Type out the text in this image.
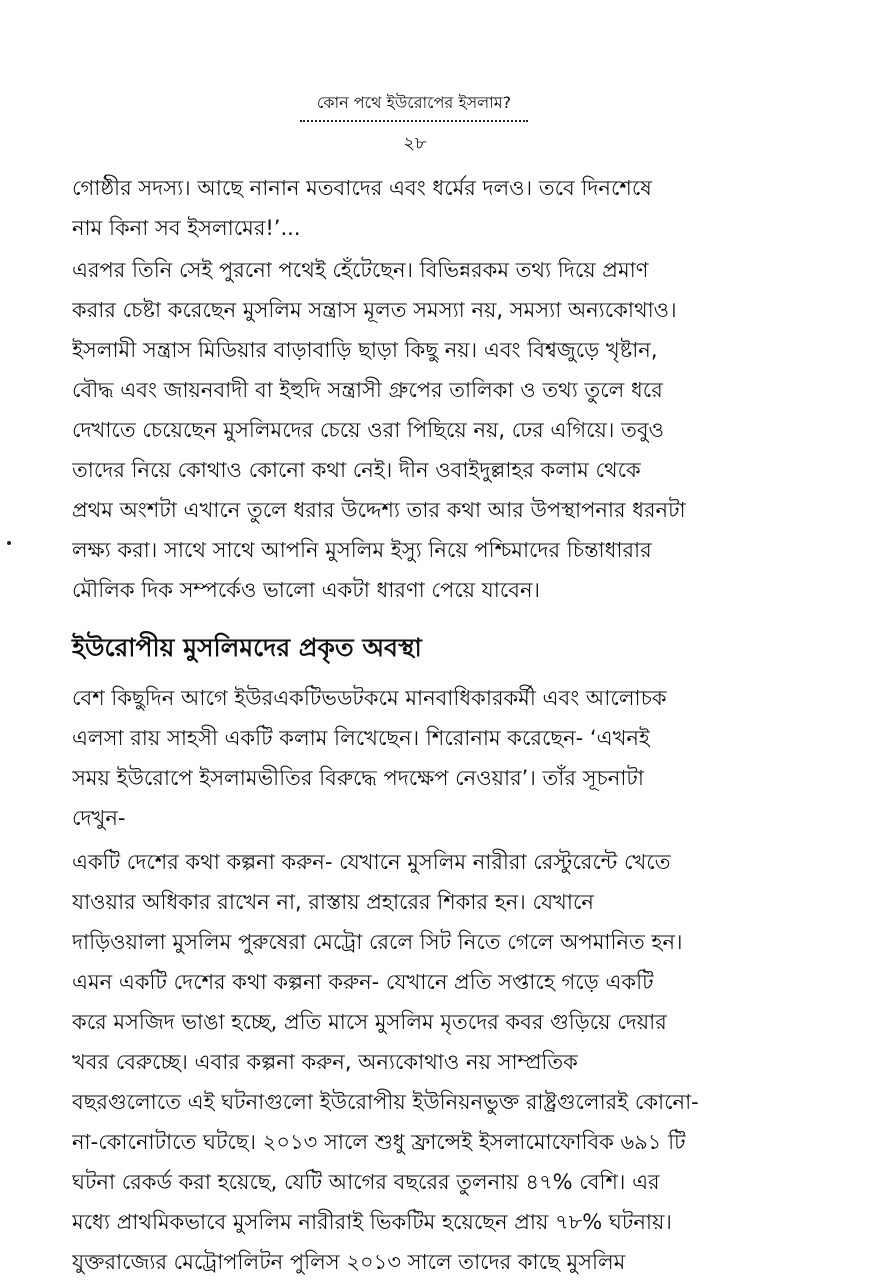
কোন পথে ইউরোপের ইসলাম?
২৮

গোষ্ঠীর সদস্য। আছে নানান মতবাদের এবং ধর্মের দলও। তবে দিনশেষে
নাম কিনা সব ইসলামের!’...

এরপর তিনি সেই পুরনো পথেই হেঁটেছেন। বিভিন্নরকম তথ্য দিয়ে প্রমাণ
করার চেষ্টা করেছেন মুসলিম সন্ত্রাস মূলত সমস্যা নয়, সমস্যা অন্যকোথাও।
ইসলামী সন্ত্রাস মিডিয়ার বাড়াবাড়ি ছাড়া কিছু নয়। এবং বিশ্বজুড়ে খৃষ্টান,
বৌদ্ধ এবং জায়নবাদী বা ইহুদি সন্ত্রাসী গ্রুপের তালিকা ও তথ্য তুলে ধরে
দেখাতে চেয়েছেন মুসলিমদের চেয়ে ওরা পিছিয়ে নয়, ঢের এগিয়ে। তবুও
তাদের নিয়ে কোথাও কোনো কথা নেই। দীন ওবাইদুল্লাহর কলাম থেকে
প্রথম অংশটা এখানে তুলে ধরার উদ্দেশ্য তার কথা আর উপস্থাপনার ধরনটা
লক্ষ্য করা। সাথে সাথে আপনি মুসলিম ইস্যু নিয়ে পশ্চিমাদের চিন্তাধারার
মৌলিক দিক সম্পর্কেও ভালো একটা ধারণা পেয়ে যাবেন।

ইউরোপীয় মুসলিমদের প্রকৃত অবস্থা

বেশ কিছুদিন আগে ইউরএকটিভডটকমে মানবাধিকারকর্মী এবং আলোচক
এলসা রায় সাহসী একটি কলাম লিখেছেন। শিরোনাম করেছেন- ‘এখনই
সময় ইউরোপে ইসলামভীতির বিরুদ্ধে পদক্ষেপ নেওয়ার’। তাঁর সূচনাটা
দেখুন-

একটি দেশের কথা কল্পনা করুন- যেখানে মুসলিম নারীরা রেস্টুরেন্টে খেতে
যাওয়ার অধিকার রাখেন না, রাস্তায় প্রহারের শিকার হন। যেখানে
দাড়িওয়ালা মুসলিম পুরুষেরা মেট্রো রেলে সিট নিতে গেলে অপমানিত হন।
এমন একটি দেশের কথা কল্পনা করুন- যেখানে প্রতি সপ্তাহে গড়ে একটি
করে মসজিদ ভাঙা হচ্ছে, প্রতি মাসে মুসলিম মৃতদের কবর গুড়িয়ে দেয়ার
খবর বেরুচ্ছে। এবার কল্পনা করুন, অন্যকোথাও নয় সাম্প্রতিক
বছরগুলোতে এই ঘটনাগুলো ইউরোপীয় ইউনিয়নভুক্ত রাষ্ট্রগুলোরই কোনো-
না-কোনোটাতে ঘটছে। ২০১৩ সালে শুধু ফ্রান্সেই ইসলামোফোবিক ৬৯১ টি
ঘটনা রেকর্ড করা হয়েছে, যেটি আগের বছরের তুলনায় ৪৭% বেশি। এর
মধ্যে প্রাথমিকভাবে মুসলিম নারীরাই ভিকটিম হয়েছেন প্রায় ৭৮% ঘটনায়।
যুক্তরাজ্যের মেট্রোপলিটন পুলিস ২০১৩ সালে তাদের কাছে মুসলিম
